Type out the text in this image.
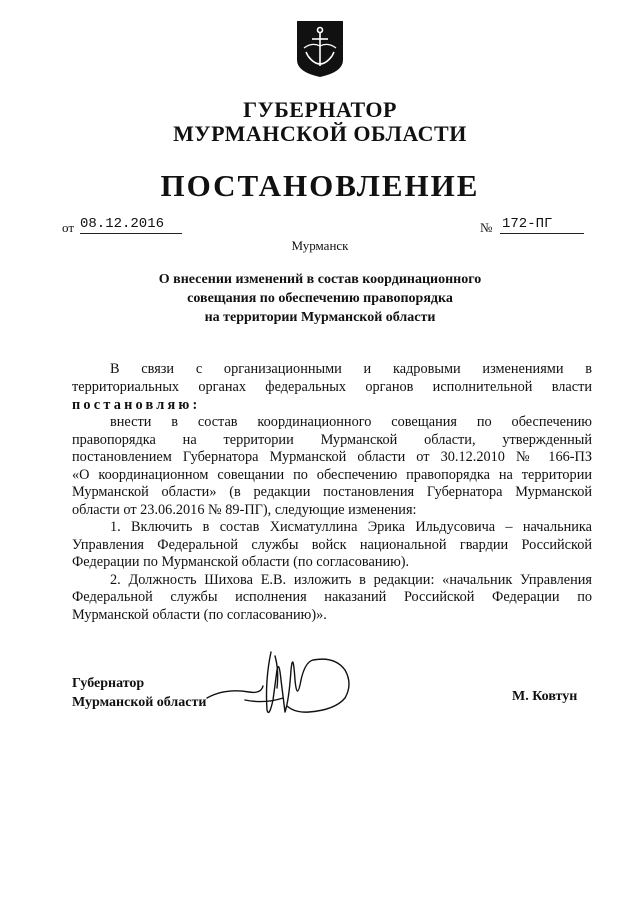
ГУБЕРНАТОР
МУРМАНСКОЙ ОБЛАСТИ
ПОСТАНОВЛЕНИЕ
от 08.12.2016	№ 172-ПГ
Мурманск
О внесении изменений в состав координационного
совещания по обеспечению правопорядка
на территории Мурманской области
В связи с организационными и кадровыми изменениями в
территориальных органах федеральных органов исполнительной власти
постановляю:
внести в состав координационного совещания по обеспечению
правопорядка на территории Мурманской области, утвержденный
постановлением Губернатора Мурманской области от 30.12.2010 № 166-ПЗ
«О координационном совещании по обеспечению правопорядка на территории
Мурманской области» (в редакции постановления Губернатора Мурманской
области от 23.06.2016 № 89-ПГ), следующие изменения:
1. Включить в состав Хисматуллина Эрика Ильдусовича – начальника
Управления Федеральной службы войск национальной гвардии Российской
Федерации по Мурманской области (по согласованию).
2. Должность Шихова Е.В. изложить в редакции: «начальник Управления
Федеральной службы исполнения наказаний Российской Федерации по
Мурманской области (по согласованию)».
Губернатор
Мурманской области	М. Ковтун
